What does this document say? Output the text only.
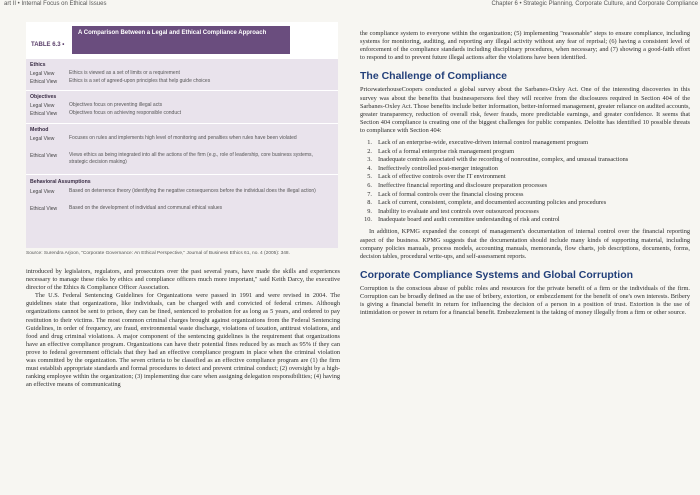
art II • Internal Focus on Ethical Issues	Chapter 6 • Strategic Planning, Corporate Culture, and Corporate Compliance
TABLE 6.3 •
A Comparison Between a Legal and Ethical Compliance Approach
Ethics
Legal View	Ethics is viewed as a set of limits or a requirement
Ethical View Ethics is a set of agreed-upon principles that help guide choices
Objectives
Legal View	Objectives focus on preventing illegal acts
Ethical View Objectives focus on achieving responsible conduct
Method
Legal View	Focuses on rules and implements high level of monitoring and penalties when rules have been violated
Ethical View Views ethics as being integrated into all the actions of the firm (e.g., role of leadership, core business systems, strategic decision making)
Behavioral Assumptions
Legal View	Based on deterrence theory (identifying the negative consequences before the individual does the illegal action)
Ethical View Based on the development of individual and communal ethical values
Source: Surendra Arjoon, "Corporate Governance: An Ethical Perspective," Journal of Business Ethics 61, no. 4 (2005): 348.

introduced by legislators, regulators, and prosecutors over the past several years, have made the skills and experiences necessary to manage these risks by ethics and compliance officers much more important," said Keith Darcy, the executive director of the Ethics & Compliance Officer Association.

The U.S. Federal Sentencing Guidelines for Organizations were passed in 1991 and were revised in 2004. The guidelines state that organizations, like individuals, can be charged with and convicted of federal crimes. Although organizations cannot be sent to prison, they can be fined, sentenced to probation for as long as 5 years, and ordered to pay restitution to their victims. The most common criminal charges brought against organizations from the Federal Sentencing Guidelines, in order of frequency, are fraud, environmental waste discharge, violations of taxation, antitrust violations, and food and drug criminal violations. A major component of the sentencing guidelines is the requirement that organizations have an effective compliance program. Organizations can have their potential fines reduced by as much as 95% if they can prove to federal government officials that they had an effective compliance program in place when the criminal violation was committed by the organization. The seven criteria to be classified as an effective compliance program are (1) the firm must establish appropriate standards and formal procedures to detect and prevent criminal conduct; (2) oversight by a high-ranking employee within the organization; (3) implementing due care when assigning delegation responsibilities; (4) having an effective means of communicating

the compliance system to everyone within the organization; (5) implementing "reasonable" steps to ensure compliance, including systems for monitoring, auditing, and reporting any illegal activity without any fear of reprisal; (6) having a consistent level of enforcement of the compliance standards including disciplinary procedures, when necessary; and (7) showing a good-faith effort to respond to and to prevent future illegal actions after the violations have been identified.

The Challenge of Compliance

PricewaterhouseCoopers conducted a global survey about the Sarbanes-Oxley Act. One of the interesting discoveries in this survey was about the benefits that businesspersons feel they will receive from the disclosures required in Section 404 of the Sarbanes-Oxley Act. Those benefits include better information, better-informed management, greater reliance on audited accounts, greater transparency, reduction of overall risk, fewer frauds, more predictable earnings, and greater confidence. It seems that Section 404 compliance is creating one of the biggest challenges for public companies. Deloitte has identified 10 possible threats to compliance with Section 404:

1. Lack of an enterprise-wide, executive-driven internal control management program
2. Lack of a formal enterprise risk management program
3. Inadequate controls associated with the recording of nonroutine, complex, and unusual transactions
4. Ineffectively controlled post-merger integration
5. Lack of effective controls over the IT environment
6. Ineffective financial reporting and disclosure preparation processes
7. Lack of formal controls over the financial closing process
8. Lack of current, consistent, complete, and documented accounting policies and procedures
9. Inability to evaluate and test controls over outsourced processes
10. Inadequate board and audit committee understanding of risk and control

In addition, KPMG expanded the concept of management's documentation of internal control over the financial reporting aspect of the business. KPMG suggests that the documentation should include many kinds of supporting material, including company policies manuals, process models, accounting manuals, memoranda, flow charts, job descriptions, documents, forms, decision tables, procedural write-ups, and self-assessment reports.

Corporate Compliance Systems and Global Corruption

Corruption is the conscious abuse of public roles and resources for the private benefit of a firm or the individuals of the firm. Corruption can be broadly defined as the use of bribery, extortion, or embezzlement for the benefit of one's own interests. Bribery is giving a financial benefit in return for influencing the decision of a person in a position of trust. Extortion is the use of intimidation or power in return for a financial benefit. Embezzlement is the taking of money illegally from a firm or other source.
